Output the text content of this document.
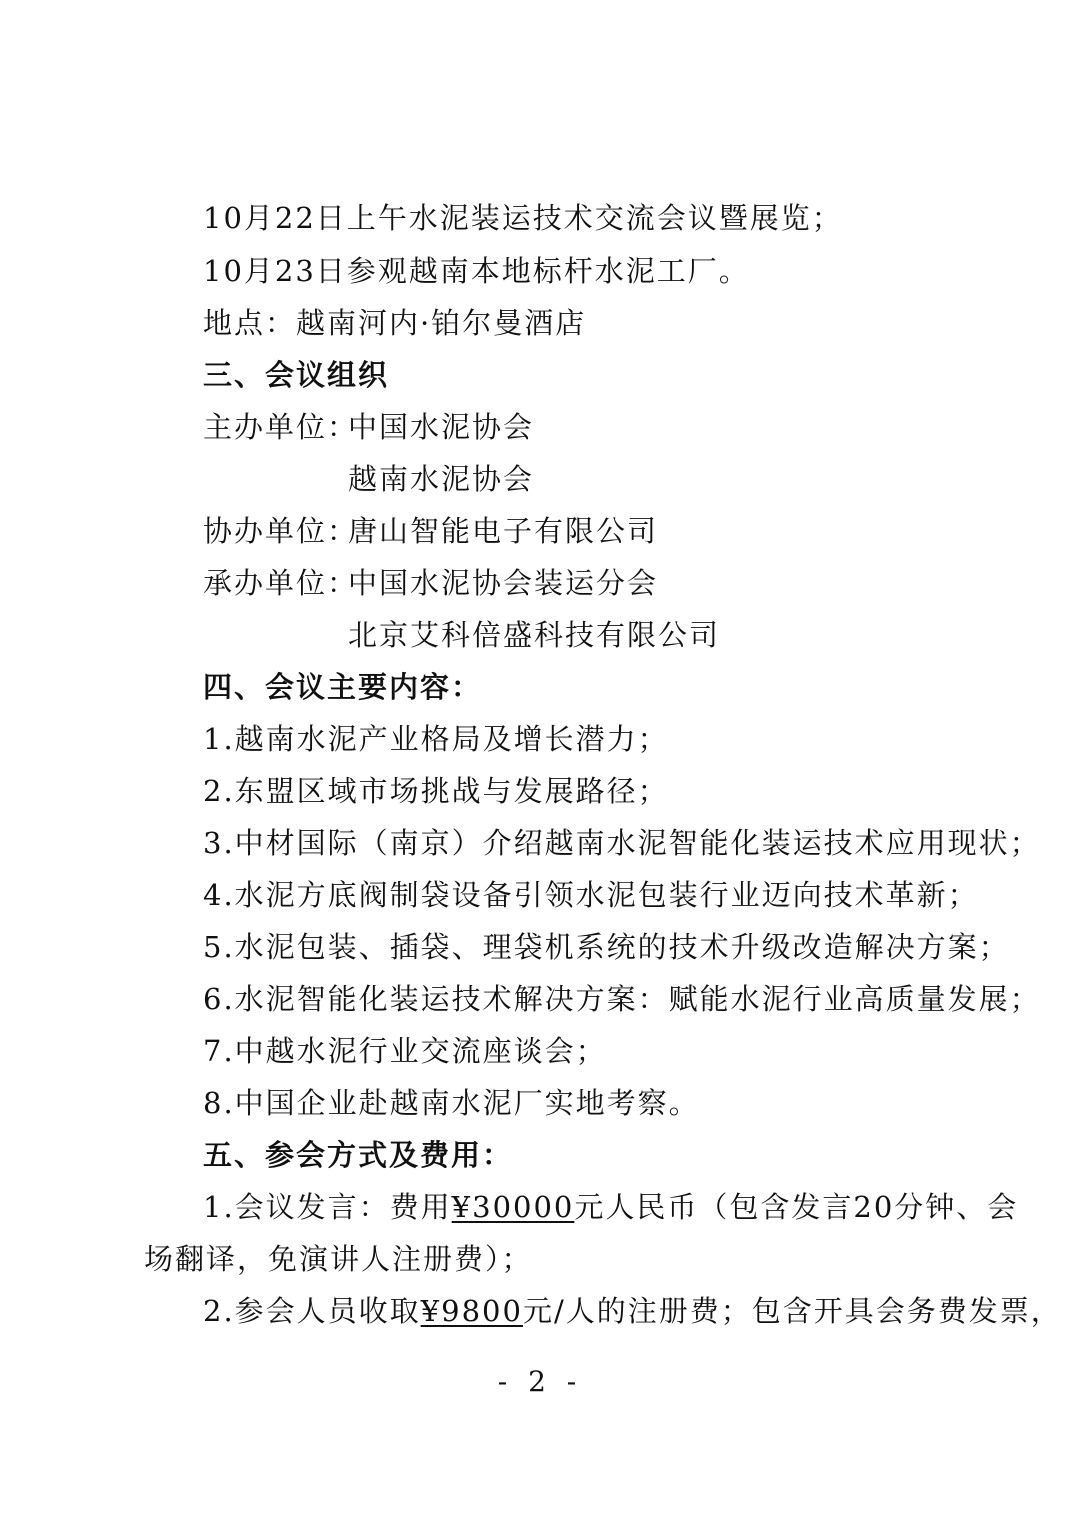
10月22日上午水泥装运技术交流会议暨展览；
10月23日参观越南本地标杆水泥工厂。
地点：越南河内·铂尔曼酒店
三、会议组织
主办单位：
中国水泥协会
越南水泥协会
协办单位：
唐山智能电子有限公司
承办单位：
中国水泥协会装运分会
北京艾科倍盛科技有限公司
四、会议主要内容：
1.越南水泥产业格局及增长潜力；
2.东盟区域市场挑战与发展路径；
3.中材国际（南京）介绍越南水泥智能化装运技术应用现状；
4.水泥方底阀制袋设备引领水泥包装行业迈向技术革新；
5.水泥包装、插袋、理袋机系统的技术升级改造解决方案；
6.水泥智能化装运技术解决方案：赋能水泥行业高质量发展；
7.中越水泥行业交流座谈会；
8.中国企业赴越南水泥厂实地考察。
五、参会方式及费用：
1.会议发言：费用¥30000元人民币（包含发言20分钟、会
场翻译，免演讲人注册费）；
2.参会人员收取¥9800元/人的注册费；包含开具会务费发票，
- 2 -
